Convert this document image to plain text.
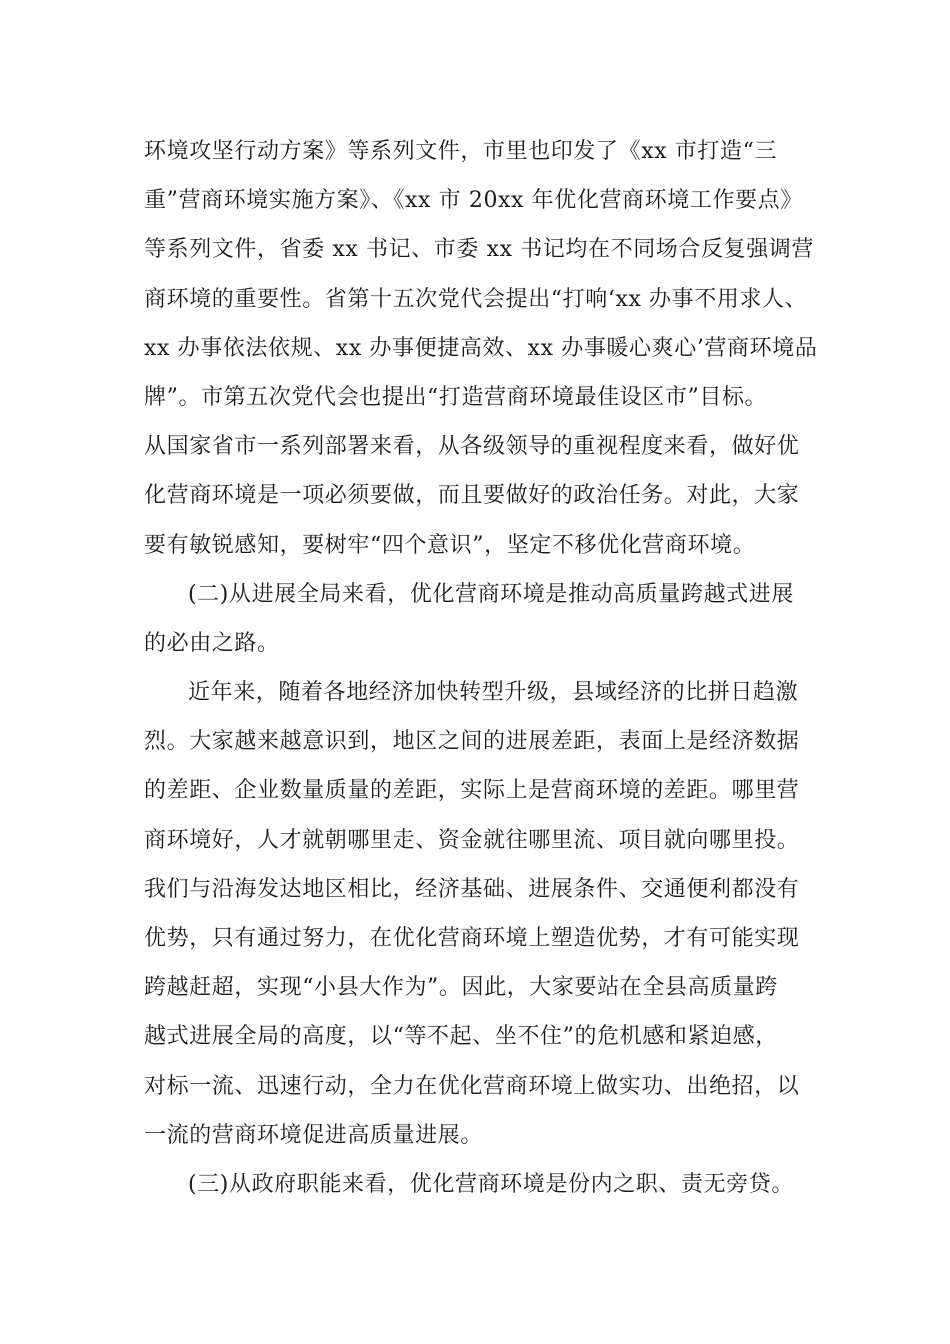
环境攻坚行动方案》等系列文件，市里也印发了《xx 市打造“三
重”营商环境实施方案》、《xx 市 20xx 年优化营商环境工作要点》
等系列文件，省委 xx 书记、市委 xx 书记均在不同场合反复强调营
商环境的重要性。省第十五次党代会提出“打响‘xx 办事不用求人、
xx 办事依法依规、xx 办事便捷高效、xx 办事暖心爽心’营商环境品
牌”。市第五次党代会也提出“打造营商环境最佳设区市”目标。
从国家省市一系列部署来看，从各级领导的重视程度来看，做好优
化营商环境是一项必须要做，而且要做好的政治任务。对此，大家
要有敏锐感知，要树牢“四个意识”，坚定不移优化营商环境。
(二)从进展全局来看，优化营商环境是推动高质量跨越式进展
的必由之路。
近年来，随着各地经济加快转型升级，县域经济的比拼日趋激
烈。大家越来越意识到，地区之间的进展差距，表面上是经济数据
的差距、企业数量质量的差距，实际上是营商环境的差距。哪里营
商环境好，人才就朝哪里走、资金就往哪里流、项目就向哪里投。
我们与沿海发达地区相比，经济基础、进展条件、交通便利都没有
优势，只有通过努力，在优化营商环境上塑造优势，才有可能实现
跨越赶超，实现“小县大作为”。因此，大家要站在全县高质量跨
越式进展全局的高度，以“等不起、坐不住”的危机感和紧迫感，
对标一流、迅速行动，全力在优化营商环境上做实功、出绝招，以
一流的营商环境促进高质量进展。
(三)从政府职能来看，优化营商环境是份内之职、责无旁贷。
